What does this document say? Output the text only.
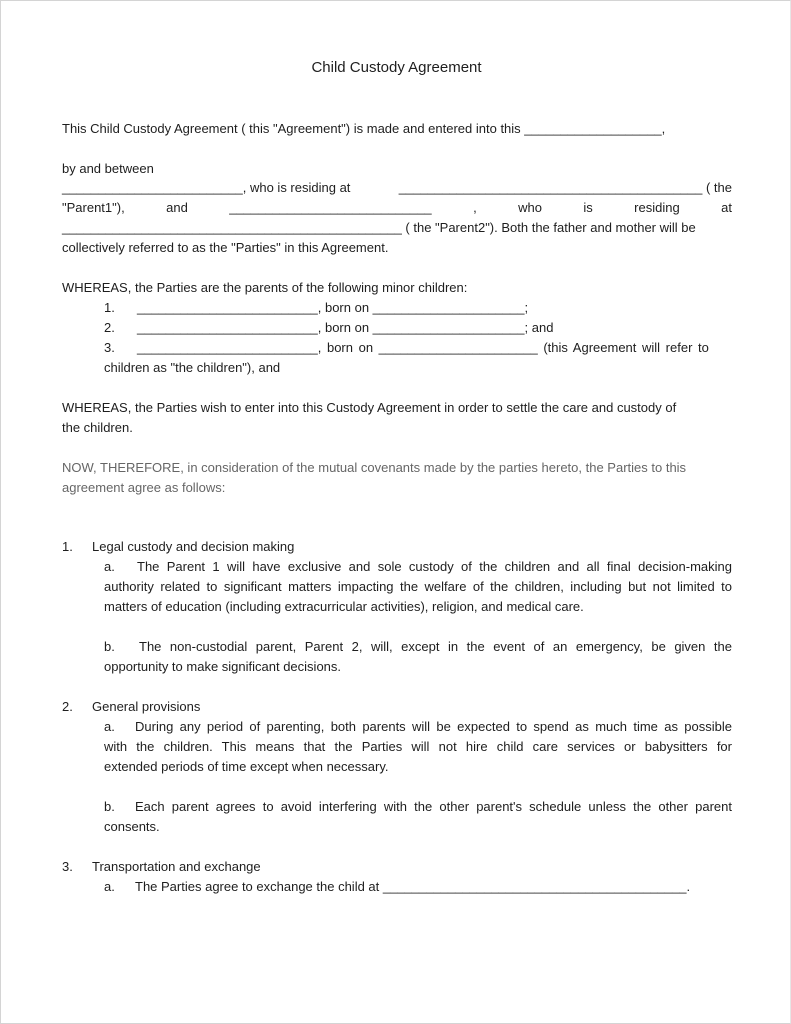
Child Custody Agreement
This Child Custody Agreement ( this "Agreement") is made and entered into this ___________________,
by and between
_________________________, who is residing at	__________________________________________ ( the
"Parent1"),	and	____________________________	,	who	is	residing	at
_______________________________________________ ( the "Parent2"). Both the father and mother will be
collectively referred to as the "Parties" in this Agreement.
WHEREAS, the Parties are the parents of the following minor children:
1. _________________________, born on _____________________;
2. _________________________, born on _____________________; and
3. _________________________, born on ______________________ (this Agreement will refer to
children as "the children"), and
WHEREAS, the Parties wish to enter into this Custody Agreement in order to settle the care and custody of
the children.
NOW, THEREFORE, in consideration of the mutual covenants made by the parties hereto, the Parties to this
agreement agree as follows:
1. Legal custody and decision making
a.	The Parent 1 will have exclusive and sole custody of the children and all final decision-making
authority related to significant matters impacting the welfare of the children, including but not limited to
matters of education (including extracurricular activities), religion, and medical care.
b.	The non-custodial parent, Parent 2, will, except in the event of an emergency, be given the
opportunity to make significant decisions.
2. General provisions
a.	During any period of parenting, both parents will be expected to spend as much time as possible
with the children. This means that the Parties will not hire child care services or babysitters for
extended periods of time except when necessary.
b.	Each parent agrees to avoid interfering with the other parent's schedule unless the other parent
consents.
3. Transportation and exchange
a. The Parties agree to exchange the child at __________________________________________.
